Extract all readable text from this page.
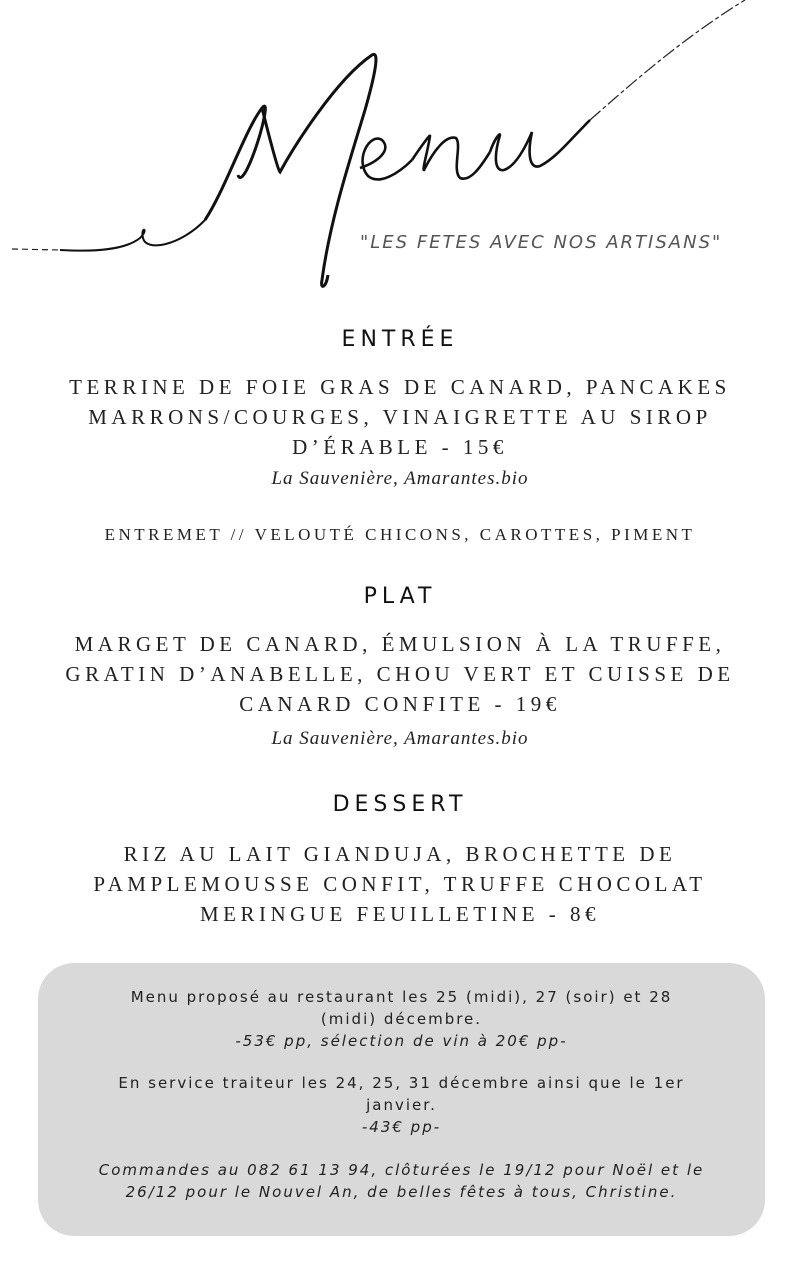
"LES FETES AVEC NOS ARTISANS"
ENTRÉE
TERRINE DE FOIE GRAS DE CANARD, PANCAKES
MARRONS/COURGES, VINAIGRETTE AU SIROP
D’ÉRABLE - 15€
La Sauvenière, Amarantes.bio
ENTREMET // VELOUTÉ CHICONS, CAROTTES, PIMENT
PLAT
MARGET DE CANARD, ÉMULSION À LA TRUFFE,
GRATIN D’ANABELLE, CHOU VERT ET CUISSE DE
CANARD CONFITE - 19€
La Sauvenière, Amarantes.bio
DESSERT
RIZ AU LAIT GIANDUJA, BROCHETTE DE
PAMPLEMOUSSE CONFIT, TRUFFE CHOCOLAT
MERINGUE FEUILLETINE - 8€

Menu proposé au restaurant les 25 (midi), 27 (soir) et 28

(midi) décembre.

-53€ pp, sélection de vin à 20€ pp-

En service traiteur les 24, 25, 31 décembre ainsi que le 1er

janvier.

-43€ pp-

Commandes au 082 61 13 94, clôturées le 19/12 pour Noël et le

26/12 pour le Nouvel An, de belles fêtes à tous, Christine.
